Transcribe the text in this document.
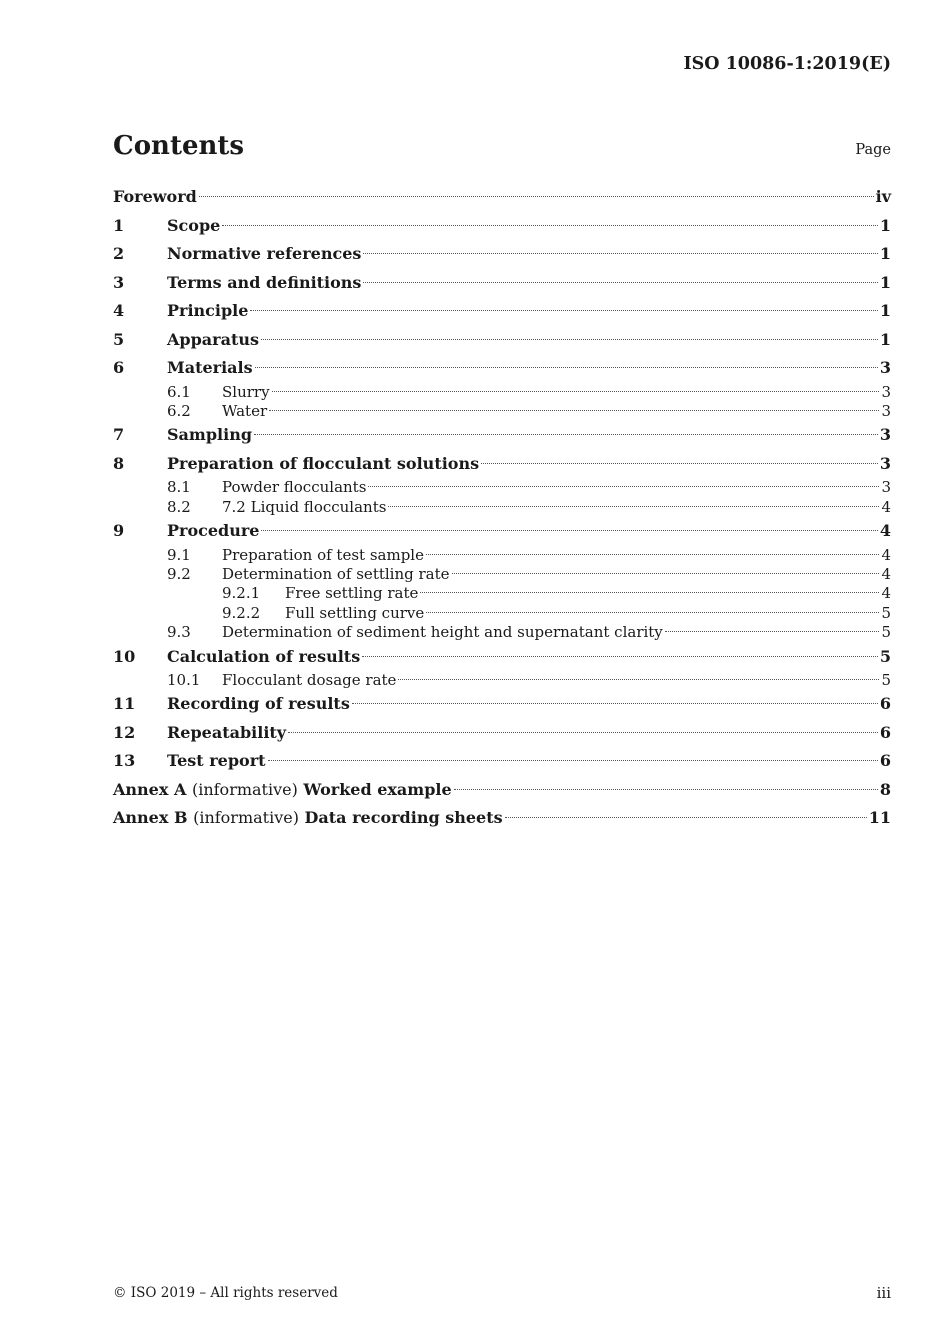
ISO 10086-1:2019(E)
Contents	Page
Foreword	iv
1	Scope	1
2	Normative references	1
3	Terms and definitions	1
4	Principle	1
5	Apparatus	1
6	Materials	3
6.1	Slurry	3
6.2	Water	3
7	Sampling	3
8	Preparation of flocculant solutions	3
8.1	Powder flocculants	3
8.2	7.2 Liquid flocculants	4
9	Procedure	4
9.1	Preparation of test sample	4
9.2	Determination of settling rate	4
9.2.1	Free settling rate	4
9.2.2	Full settling curve	5
9.3	Determination of sediment height and supernatant clarity	5
10	Calculation of results	5
10.1	Flocculant dosage rate	5
11	Recording of results	6
12	Repeatability	6
13	Test report	6
Annex A (informative) Worked example	8
Annex B (informative) Data recording sheets	11
© ISO 2019 – All rights reserved	iii
